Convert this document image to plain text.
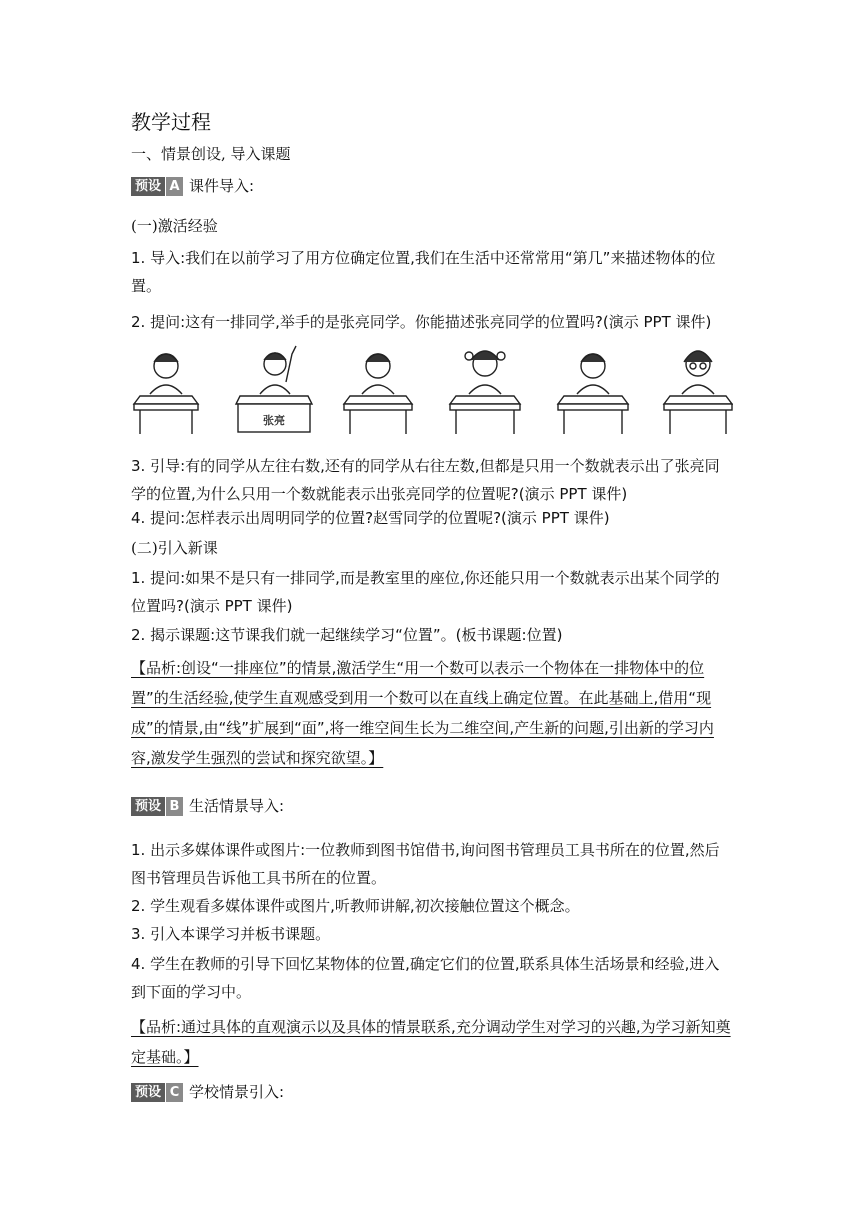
教学过程
一、情景创设, 导入课题
预设 A 课件导入:
(一)激活经验
1. 导入:我们在以前学习了用方位确定位置,我们在生活中还常常用“第几”来描述物体的位置。
2. 提问:这有一排同学,举手的是张亮同学。你能描述张亮同学的位置吗?(演示 PPT 课件)
张亮
3. 引导:有的同学从左往右数,还有的同学从右往左数,但都是只用一个数就表示出了张亮同学的位置,为什么只用一个数就能表示出张亮同学的位置呢?(演示 PPT 课件)
4. 提问:怎样表示出周明同学的位置?赵雪同学的位置呢?(演示 PPT 课件)
(二)引入新课
1. 提问:如果不是只有一排同学,而是教室里的座位,你还能只用一个数就表示出某个同学的位置吗?(演示 PPT 课件)
2. 揭示课题:这节课我们就一起继续学习“位置”。(板书课题:位置)
【品析:创设“一排座位”的情景,激活学生“用一个数可以表示一个物体在一排物体中的位置”的生活经验,使学生直观感受到用一个数可以在直线上确定位置。在此基础上,借用“现成”的情景,由“线”扩展到“面”,将一维空间生长为二维空间,产生新的问题,引出新的学习内容,激发学生强烈的尝试和探究欲望。】
预设 B 生活情景导入:
1. 出示多媒体课件或图片:一位教师到图书馆借书,询问图书管理员工具书所在的位置,然后图书管理员告诉他工具书所在的位置。
2. 学生观看多媒体课件或图片,听教师讲解,初次接触位置这个概念。
3. 引入本课学习并板书课题。
4. 学生在教师的引导下回忆某物体的位置,确定它们的位置,联系具体生活场景和经验,进入到下面的学习中。
【品析:通过具体的直观演示以及具体的情景联系,充分调动学生对学习的兴趣,为学习新知奠定基础。】
预设 C 学校情景引入:
